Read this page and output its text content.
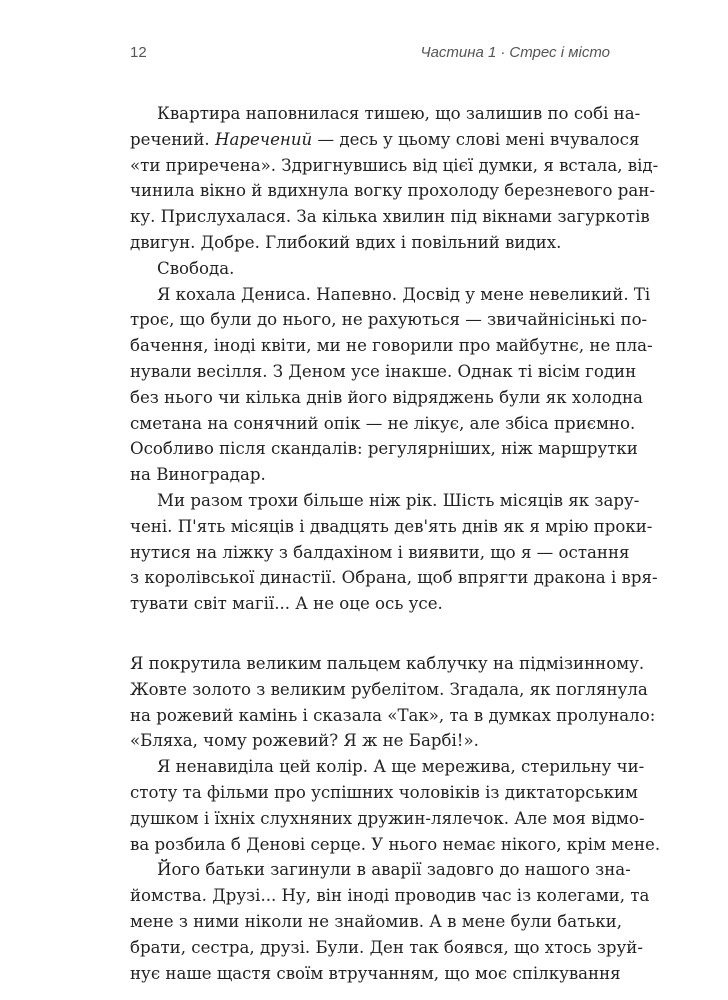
12	Частина 1 · Стрес і місто
Квартира наповнилася тишею, що залишив по собі на-
речений. Наречений — десь у цьому слові мені вчувалося
«ти приречена». Здригнувшись від цієї думки, я встала, від-
чинила вікно й вдихнула вогку прохолоду березневого ран-
ку. Прислухалася. За кілька хвилин під вікнами загуркотів
двигун. Добре. Глибокий вдих і повільний видих.
Свобода.
Я кохала Дениса. Напевно. Досвід у мене невеликий. Ті
троє, що були до нього, не рахуються — звичайнісінькі по-
бачення, іноді квіти, ми не говорили про майбутнє, не пла-
нували весілля. З Деном усе інакше. Однак ті вісім годин
без нього чи кілька днів його відряджень були як холодна
сметана на сонячний опік — не лікує, але збіса приємно.
Особливо після скандалів: регулярніших, ніж маршрутки
на Виноградар.
Ми разом трохи більше ніж рік. Шість місяців як зару-
чені. П'ять місяців і двадцять дев'ять днів як я мрію прoки-
нутися на ліжку з балдахіном і виявити, що я — остання
з королівської династії. Обрана, щоб впрягти дракона і вря-
тувати світ магії... А не оце ось усе.
Я покрутила великим пальцем каблучку на підмізинному.
Жовте золото з великим рубелітом. Згадала, як поглянула
на рожевий камінь і сказала «Так», та в думках пролунало:
«Бляха, чому рожевий? Я ж не Барбі!».
Я ненавиділа цей колір. А ще мережива, стерильну чи-
стоту та фільми про успішних чоловіків із диктаторським
душком і їхніх слухняних дружин-лялечок. Але моя відмо-
ва розбила б Денові серце. У нього немає нікого, крім мене.
Його батьки загинули в аварії задовго до нашого зна-
йомства. Друзі... Ну, він іноді проводив час із колегами, та
мене з ними ніколи не знайомив. А в мене були батьки,
брати, сестра, друзі. Були. Ден так боявся, що хтось зруй-
нує наше щастя своїм втручанням, що моє спілкування
